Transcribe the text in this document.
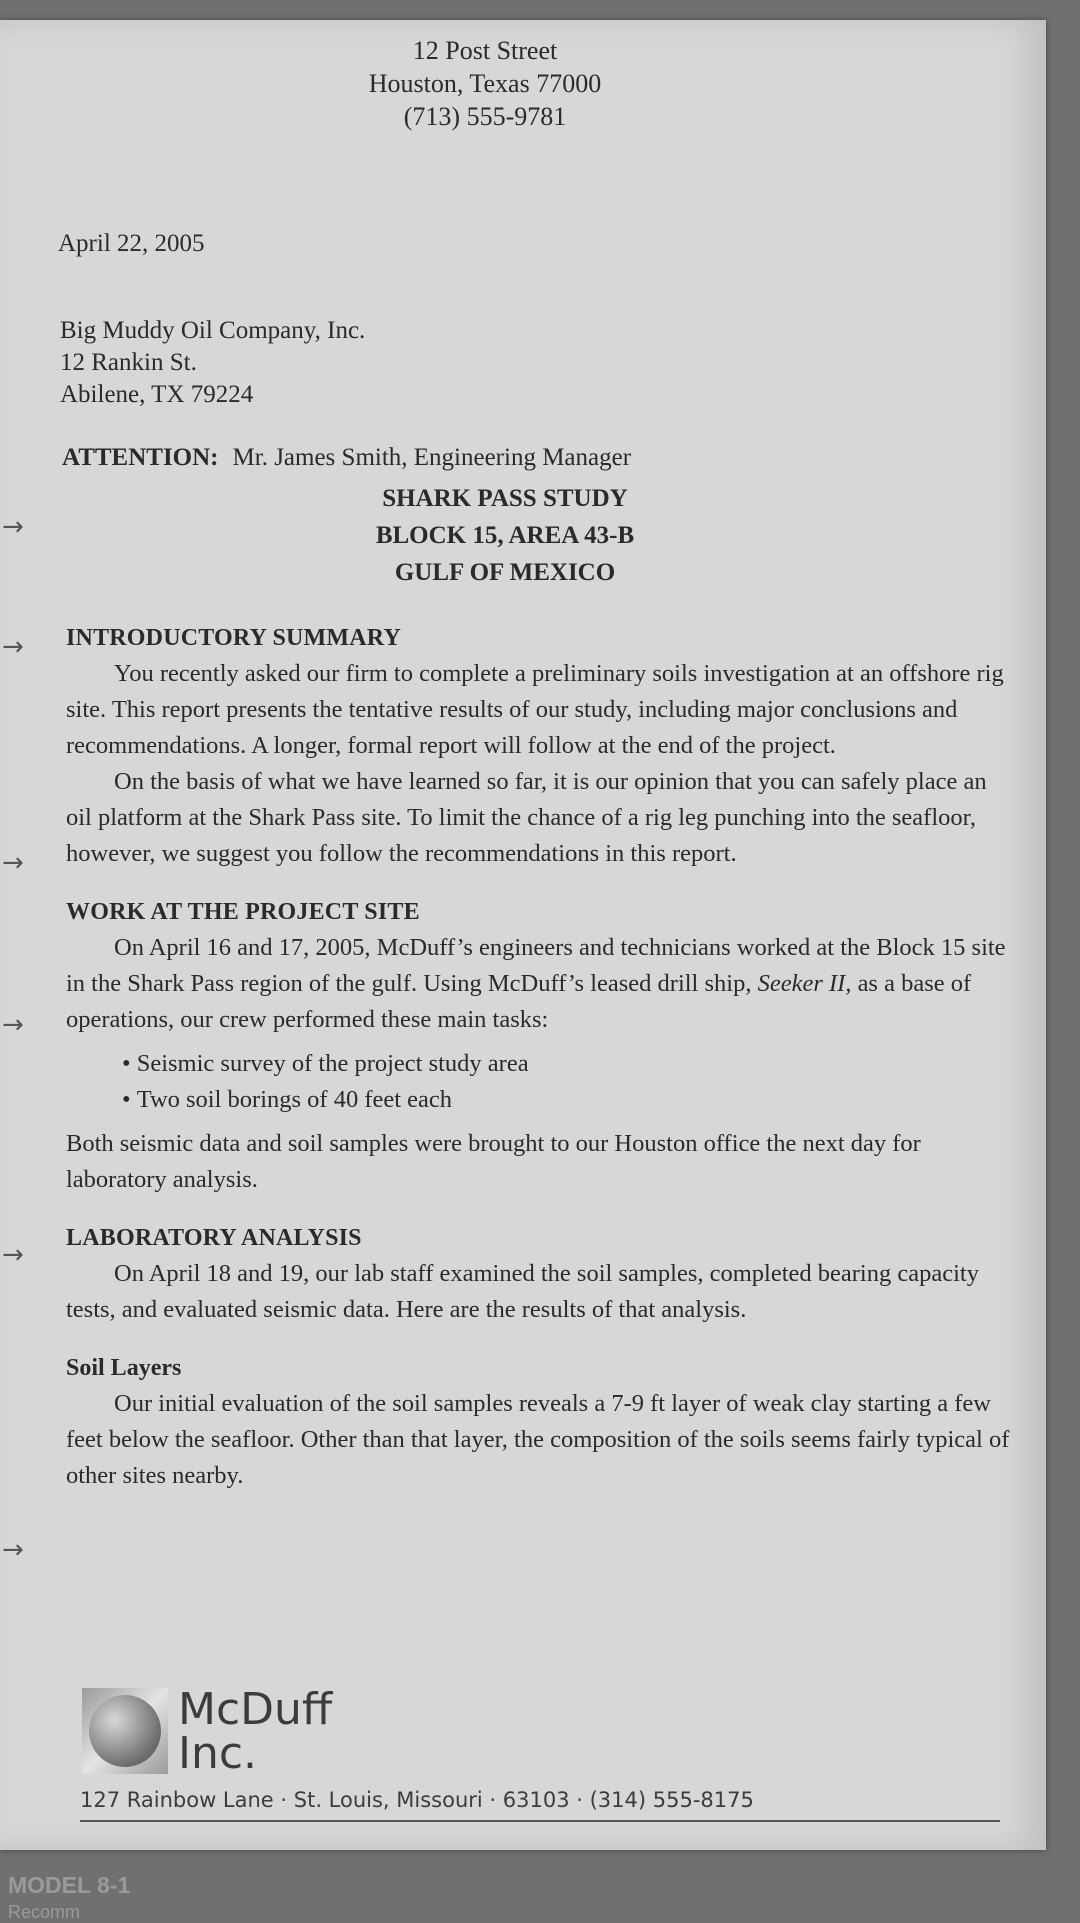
12 Post Street
Houston, Texas 77000
(713) 555-9781
April 22, 2005
Big Muddy Oil Company, Inc.
12 Rankin St.
Abilene, TX 79224
ATTENTION: Mr. James Smith, Engineering Manager
SHARK PASS STUDY
BLOCK 15, AREA 43-B
GULF OF MEXICO
INTRODUCTORY SUMMARY

You recently asked our firm to complete a preliminary soils investigation at an offshore rig site. This report presents the tentative results of our study, including major conclusions and recommendations. A longer, formal report will follow at the end of the project.

On the basis of what we have learned so far, it is our opinion that you can safely place an oil platform at the Shark Pass site. To limit the chance of a rig leg punching into the seafloor, however, we suggest you follow the recommendations in this report.

WORK AT THE PROJECT SITE

On April 16 and 17, 2005, McDuff’s engineers and technicians worked at the Block 15 site in the Shark Pass region of the gulf. Using McDuff’s leased drill ship, Seeker II, as a base of operations, our crew performed these main tasks:

• Seismic survey of the project study area
• Two soil borings of 40 feet each

Both seismic data and soil samples were brought to our Houston office the next day for laboratory analysis.

LABORATORY ANALYSIS

On April 18 and 19, our lab staff examined the soil samples, completed bearing capacity tests, and evaluated seismic data. Here are the results of that analysis.

Soil Layers

Our initial evaluation of the soil samples reveals a 7-9 ft layer of weak clay starting a few feet below the seafloor. Other than that layer, the composition of the soils seems fairly typical of other sites nearby.

McDuff
Inc.
127 Rainbow Lane · St. Louis, Missouri · 63103 · (314) 555-8175
→
→
→
→
→
→
MODEL 8-1
Recomm
